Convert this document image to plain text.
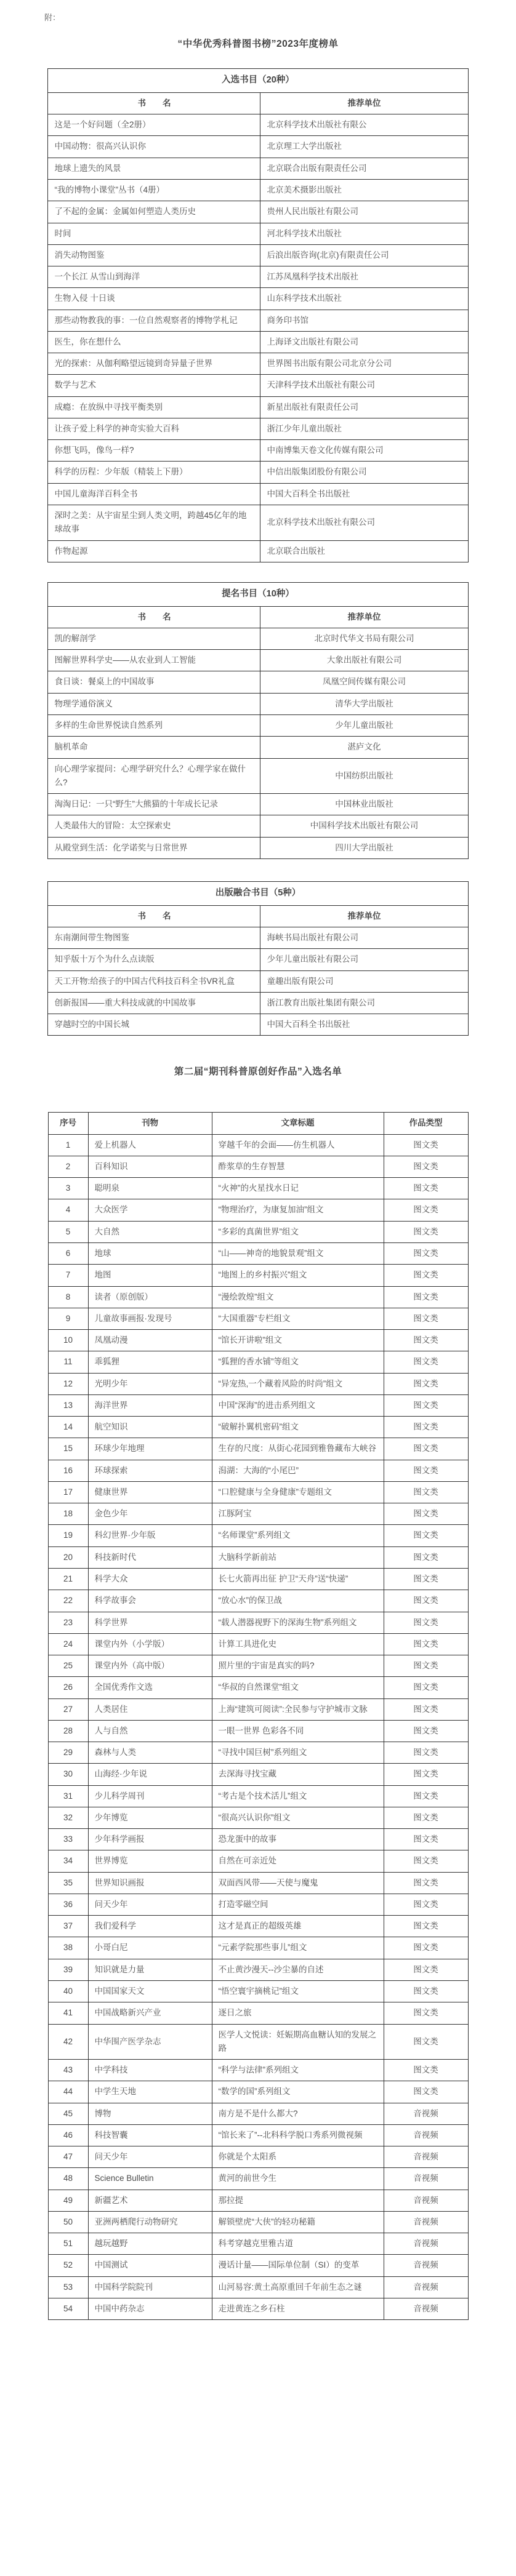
附：
“中华优秀科普图书榜”2023年度榜单
入选书目（20种）	
书　　名	推荐单位
这是一个好问题（全2册）	北京科学技术出版社有限公
中国动物：很高兴认识你	北京理工大学出版社
地球上遗失的风景	北京联合出版有限责任公司
“我的博物小课堂”丛书（4册）	北京美术摄影出版社
了不起的金属：金属如何塑造人类历史	贵州人民出版社有限公司
时间	河北科学技术出版社
消失动物图鉴	后浪出版咨询(北京)有限责任公司
一个长江 从雪山到海洋	江苏凤凰科学技术出版社
生物入侵 十日谈	山东科学技术出版社
那些动物教我的事：一位自然观察者的博物学札记	商务印书馆
医生，你在想什么	上海译文出版社有限公司
光的探索：从伽利略望远镜到奇异量子世界	世界图书出版有限公司北京分公司
数学与艺术	天津科学技术出版社有限公司
成瘾：在放纵中寻找平衡类别	新星出版社有限责任公司
让孩子爱上科学的神奇实验大百科	浙江少年儿童出版社
你想飞吗，像鸟一样?	中南博集天卷文化传媒有限公司
科学的历程：少年版（精装上下册）	中信出版集团股份有限公司
中国儿童海洋百科全书	中国大百科全书出版社
深时之美：从宇宙星尘到人类文明，跨越45亿年的地球故事	北京科学技术出版社有限公司
作物起源	北京联合出版社
提名书目（10种）	
书　　名	推荐单位
凯的解剖学	北京时代华文书局有限公司
图解世界科学史——从农业到人工智能	大象出版社有限公司
食日谈：餐桌上的中国故事	凤凰空间传媒有限公司
物理学通俗演义	清华大学出版社
多样的生命世界悦读自然系列	少年儿童出版社
脑机革命	湛庐文化
向心理学家提问：心理学研究什么？心理学家在做什么?	中国纺织出版社
淘淘日记：一只“野生”大熊猫的十年成长记录	中国林业出版社
人类最伟大的冒险：太空探索史	中国科学技术出版社有限公司
从殿堂到生活：化学诺奖与日常世界	四川大学出版社
出版融合书目（5种）	
书　　名	推荐单位
东南潮间带生物图鉴	海峡书局出版社有限公司
知乎版十万个为什么点读版	少年儿童出版社有限公司
天工开物:给孩子的中国古代科技百科全书VR礼盒	童趣出版有限公司
创新报国——重大科技成就的中国故事	浙江教育出版社集团有限公司
穿越时空的中国长城	中国大百科全书出版社
第二届“期刊科普原创好作品”入选名单
序号	刊物	文章标题	作品类型
1	爱上机器人	穿越千年的会面——仿生机器人	图文类
2	百科知识	酢浆草的生存智慧	图文类
3	聪明泉	“火神”的火星找水日记	图文类
4	大众医学	“物理治疗，为康复加油”组文	图文类
5	大自然	“多彩的真菌世界”组文	图文类
6	地球	“山——神奇的地貌景观”组文	图文类
7	地图	“地图上的乡村振兴”组文	图文类
8	读者（原创版）	“漫绘敦煌”组文	图文类
9	儿童故事画报·发现号	“大国重器”专栏组文	图文类
10	凤凰动漫	“馆长开讲啦”组文	图文类
11	乖狐狸	“狐狸的香水铺”等组文	图文类
12	光明少年	“异宠热,一个藏着风险的时尚”组文	图文类
13	海洋世界	中国“深海”的进击系列组文	图文类
14	航空知识	“破解扑翼机密码”组文	图文类
15	环球少年地理	生存的尺度：从街心花园到雅鲁藏布大峡谷	图文类
16	环球探索	潟湖：大海的“小尾巴”	图文类
17	健康世界	“口腔健康与全身健康”专题组文	图文类
18	金色少年	江豚阿宝	图文类
19	科幻世界·少年版	“名师课堂”系列组文	图文类
20	科技新时代	大脑科学新前站	图文类
21	科学大众	长七火箭再出征 护卫“天舟”送“快递”	图文类
22	科学故事会	“放心水”的保卫战	图文类
23	科学世界	“载人潜器视野下的深海生物”系列组文	图文类
24	课堂内外（小学版）	计算工具进化史	图文类
25	课堂内外（高中版）	照片里的宇宙是真实的吗?	图文类
26	全国优秀作文选	“华叔的自然课堂”组文	图文类
27	人类居住	上海“建筑可阅读”:全民参与守护城市文脉	图文类
28	人与自然	一眼一世界 色彩各不同	图文类
29	森林与人类	“寻找中国巨树”系列组文	图文类
30	山海经·少年说	去深海寻找宝藏	图文类
31	少儿科学周刊	“考古是个技术活儿”组文	图文类
32	少年博览	“很高兴认识你”组文	图文类
33	少年科学画报	恐龙蛋中的故事	图文类
34	世界博览	自然在可亲近处	图文类
35	世界知识画报	双面西风带——天使与魔鬼	图文类
36	问天少年	打造零磁空间	图文类
37	我们爱科学	这才是真正的超级英雄	图文类
38	小哥白尼	“元素学院那些事儿”组文	图文类
39	知识就是力量	不止黄沙漫天--沙尘暴的自述	图文类
40	中国国家天文	“悟空寰宇摘桃记”组文	图文类
41	中国战略新兴产业	逐日之旅	图文类
42	中华围产医学杂志	医学人文悦读：妊娠期高血糖认知的发展之路	图文类
43	中学科技	“科学与法律”系列组文	图文类
44	中学生天地	“数学的国”系列组文	图文类
45	博物	南方是不是什么都大?	音视频
46	科技智囊	“馆长来了”--北科科学脱口秀系列微视频	音视频
47	问天少年	你就是个太阳系	音视频
48	Science Bulletin	黄河的前世今生	音视频
49	新疆艺术	那拉提	音视频
50	亚洲两栖爬行动物研究	解锁壁虎“大侠”的轻功秘籍	音视频
51	越玩越野	科考穿越克里雅古道	音视频
52	中国测试	漫话计量——国际单位制（SI）的变革	音视频
53	中国科学院院刊	山河易容:黄土高原重回千年前生态之谜	音视频
54	中国中药杂志	走进黄连之乡石柱	音视频
